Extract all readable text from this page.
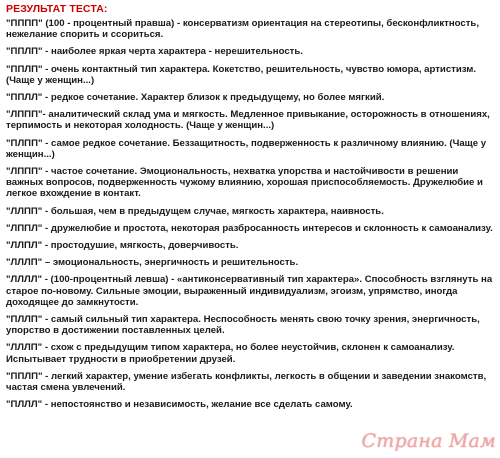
РЕЗУЛЬТАТ ТЕСТА:
"ПППП" (100 - процентный правша) - консерватизм ориентация на стереотипы, бесконфликтность, нежелание спорить и ссориться.
"ППЛП" - наиболее яркая черта характера - нерешительность.
"ППЛП" - очень контактный тип характера. Кокетство, решительность, чувство юмора, артистизм. (Чаще у женщин...)
"ППЛЛ" - редкое сочетание. Характер близок к предыдущему, но более мягкий.
"ЛППП"- аналитический склад ума и мягкость. Медленное привыкание, осторожность в отношениях, терпимость и некоторая холодность. (Чаще у женщин...)
"ПЛПП" - самое редкое сочетание. Беззащитность, подверженность к различному влиянию. (Чаще у женщин...)
"ЛППП" - частое сочетание. Эмоциональность, нехватка упорства и настойчивости в решении важных вопросов, подверженность чужому влиянию, хорошая приспособляемость. Дружелюбие и легкое вхождение в контакт.
"ЛЛПП" - большая, чем в предыдущем случае, мягкость характера, наивность.
"ЛППЛ" - дружелюбие и простота, некоторая разбросанность интересов и склонность к самоанализу.
"ЛЛПЛ" - простодушие, мягкость, доверчивость.
"ЛЛЛП" – эмоциональность, энергичность и решительность.
"ЛЛЛЛ" - (100-процентный левша) - «антиконсервативный тип характера». Способность взглянуть на старое по-новому. Сильные эмоции, выраженный индивидуализм, эгоизм, упрямство, иногда доходящее до замкнутости.
"ПЛЛП" - самый сильный тип характера. Неспособность менять свою точку зрения, энергичность, упорство в достижении поставленных целей.
"ЛЛЛП" - схож с предыдущим типом характера, но более неустойчив, склонен к самоанализу. Испытывает трудности в приобретении друзей.
"ППЛП" - легкий характер, умение избегать конфликты, легкость в общении и заведении знакомств, частая смена увлечений.
"ПЛЛЛ" - непостоянство и независимость, желание все сделать самому.
Страна Мам
